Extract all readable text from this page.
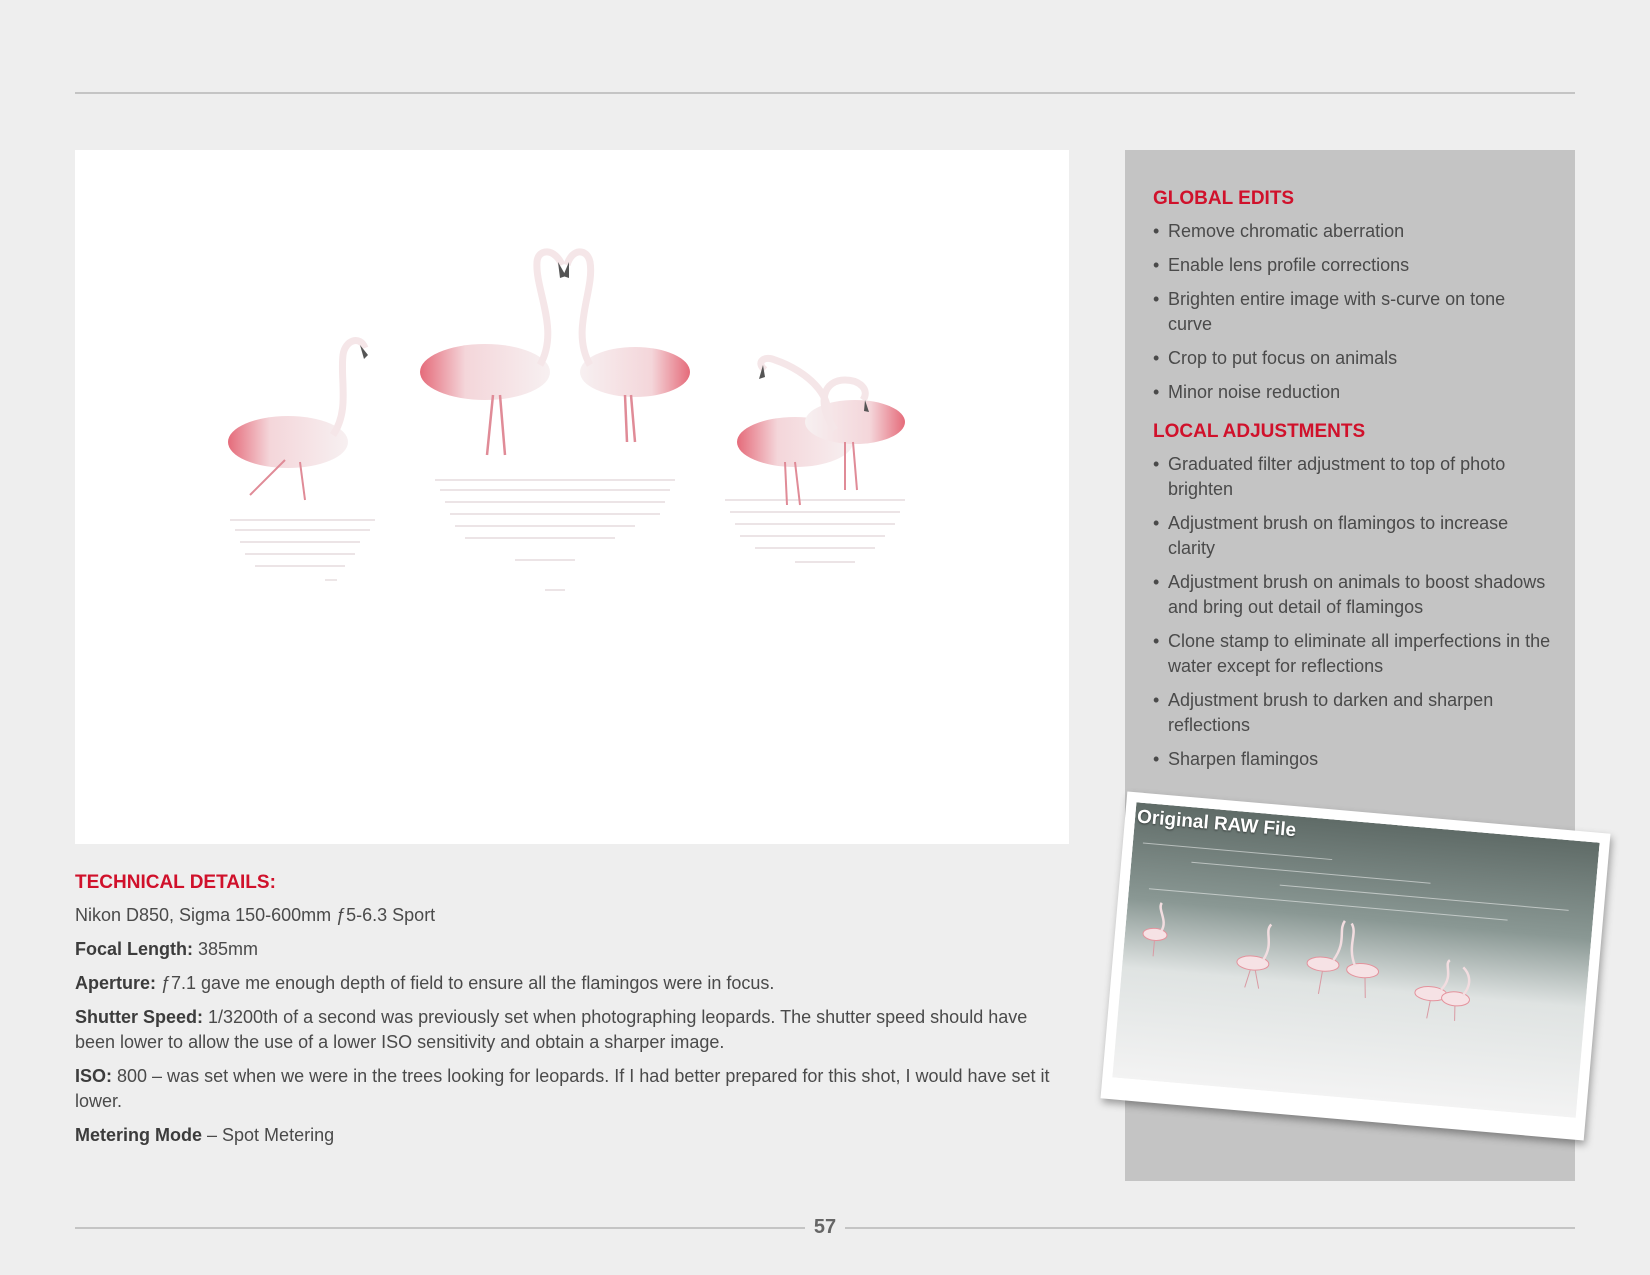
TECHNICAL DETAILS:

Nikon D850, Sigma 150-600mm ƒ5-6.3 Sport

Focal Length: 385mm

Aperture: ƒ7.1 gave me enough depth of field to ensure all the flamingos were in focus.

Shutter Speed: 1/3200th of a second was previously set when photographing leopards. The shutter speed should have been lower to allow the use of a lower ISO sensitivity and obtain a sharper image.

ISO: 800 – was set when we were in the trees looking for leopards. If I had better prepared for this shot, I would have set it lower.

Metering Mode – Spot Metering

GLOBAL EDITS
• Remove chromatic aberration
• Enable lens profile corrections
• Brighten entire image with s-curve on tone curve
• Crop to put focus on animals
• Minor noise reduction
LOCAL ADJUSTMENTS
• Graduated filter adjustment to top of photo brighten
• Adjustment brush on flamingos to increase clarity
• Adjustment brush on animals to boost shadows and bring out detail of flamingos
• Clone stamp to eliminate all imperfections in the water except for reflections
• Adjustment brush to darken and sharpen reflections
• Sharpen flamingos
Original RAW File
57
